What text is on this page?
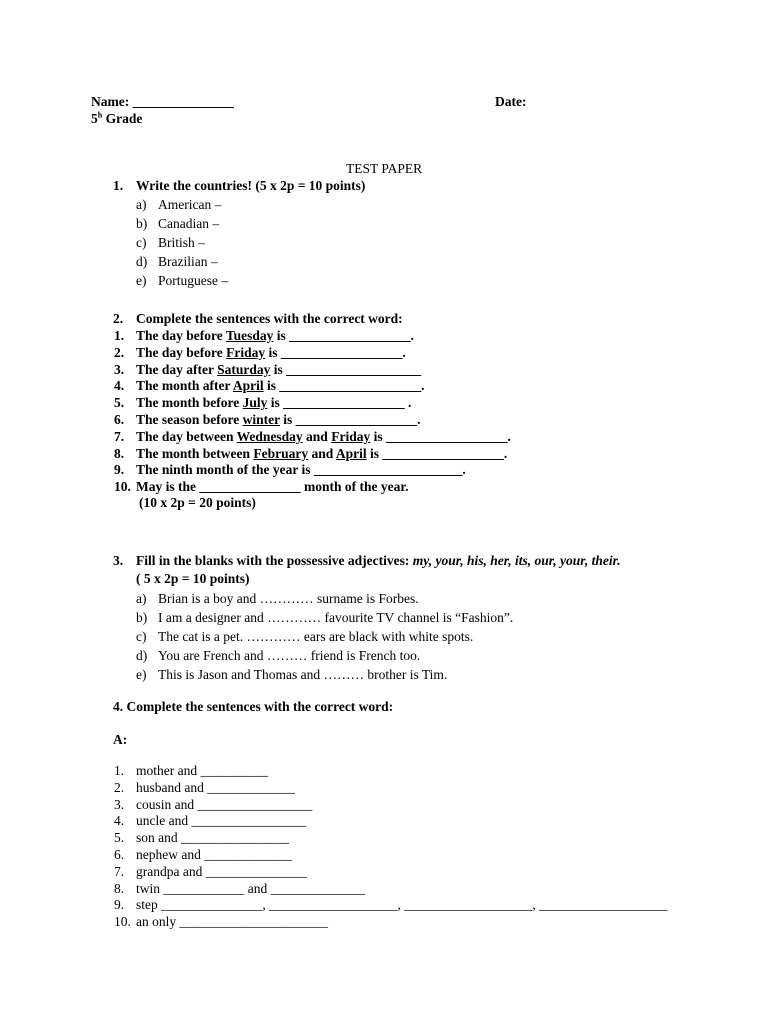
Name: _______________	Date:
5$^h$ Grade
TEST PAPER
1. Write the countries! (5 x 2p = 10 points)
a) American –
b) Canadian –
c) British –
d) Brazilian –
e) Portuguese –
2. Complete the sentences with the correct word:
1. The day before Tuesday is __________________.
2. The day before Friday is __________________.
3. The day after Saturday is ____________________
4. The month after April is _____________________.
5. The month before July is __________________ .
6. The season before winter is __________________.
7. The day between Wednesday and Friday is __________________.
8. The month between February and April is __________________.
9. The ninth month of the year is ______________________.
10. May is the _______________ month of the year.
(10 x 2p = 20 points)
3. Fill in the blanks with the possessive adjectives: my, your, his, her, its, our, your, their.
( 5 x 2p = 10 points)
a) Brian is a boy and ………… surname is Forbes.
b) I am a designer and ………… favourite TV channel is “Fashion”.
c) The cat is a pet. ………… ears are black with white spots.
d) You are French and ……… friend is French too.
e) This is Jason and Thomas and ……… brother is Tim.
4. Complete the sentences with the correct word:
A:
1. mother and __________
2. husband and _____________
3. cousin and _________________
4. uncle and _________________
5. son and ________________
6. nephew and _____________
7. grandpa and _______________
8. twin ____________ and ______________
9. step _______________, ___________________, ___________________, ___________________
10. an only ______________________
